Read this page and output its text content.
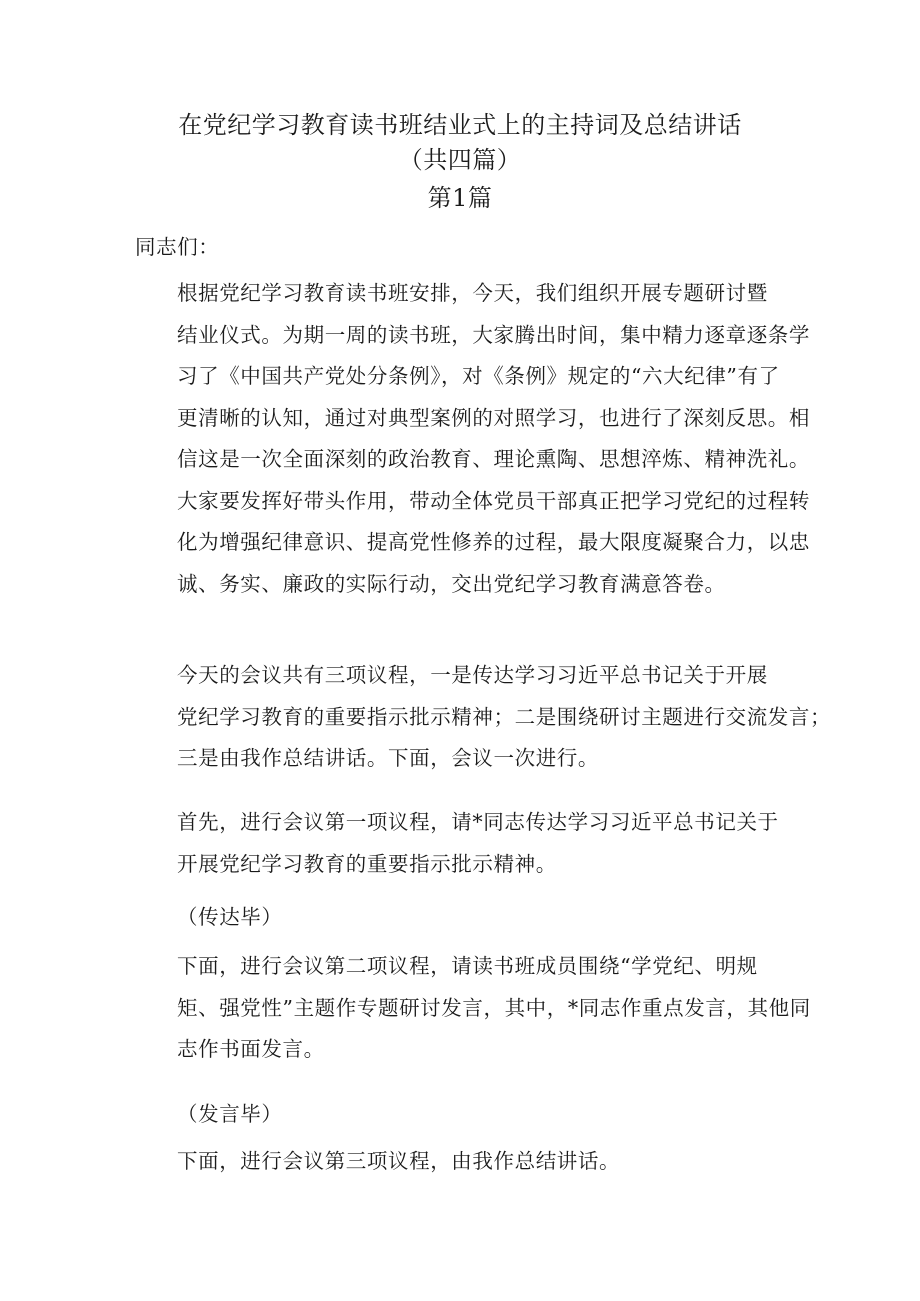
在党纪学习教育读书班结业式上的主持词及总结讲话
（共四篇）
第1篇

同志们：

根据党纪学习教育读书班安排，今天，我们组织开展专题研讨暨
结业仪式。为期一周的读书班，大家腾出时间，集中精力逐章逐条学
习了《中国共产党处分条例》，对《条例》规定的“六大纪律”有了
更清晰的认知，通过对典型案例的对照学习，也进行了深刻反思。相
信这是一次全面深刻的政治教育、理论熏陶、思想淬炼、精神洗礼。
大家要发挥好带头作用，带动全体党员干部真正把学习党纪的过程转
化为增强纪律意识、提高党性修养的过程，最大限度凝聚合力，以忠
诚、务实、廉政的实际行动，交出党纪学习教育满意答卷。

今天的会议共有三项议程，一是传达学习习近平总书记关于开展
党纪学习教育的重要指示批示精神；二是围绕研讨主题进行交流发言；
三是由我作总结讲话。下面，会议一次进行。

首先，进行会议第一项议程，请*同志传达学习习近平总书记关于
开展党纪学习教育的重要指示批示精神。

（传达毕）

下面，进行会议第二项议程，请读书班成员围绕“学党纪、明规
矩、强党性”主题作专题研讨发言，其中，*同志作重点发言，其他同
志作书面发言。

（发言毕）

下面，进行会议第三项议程，由我作总结讲话。
